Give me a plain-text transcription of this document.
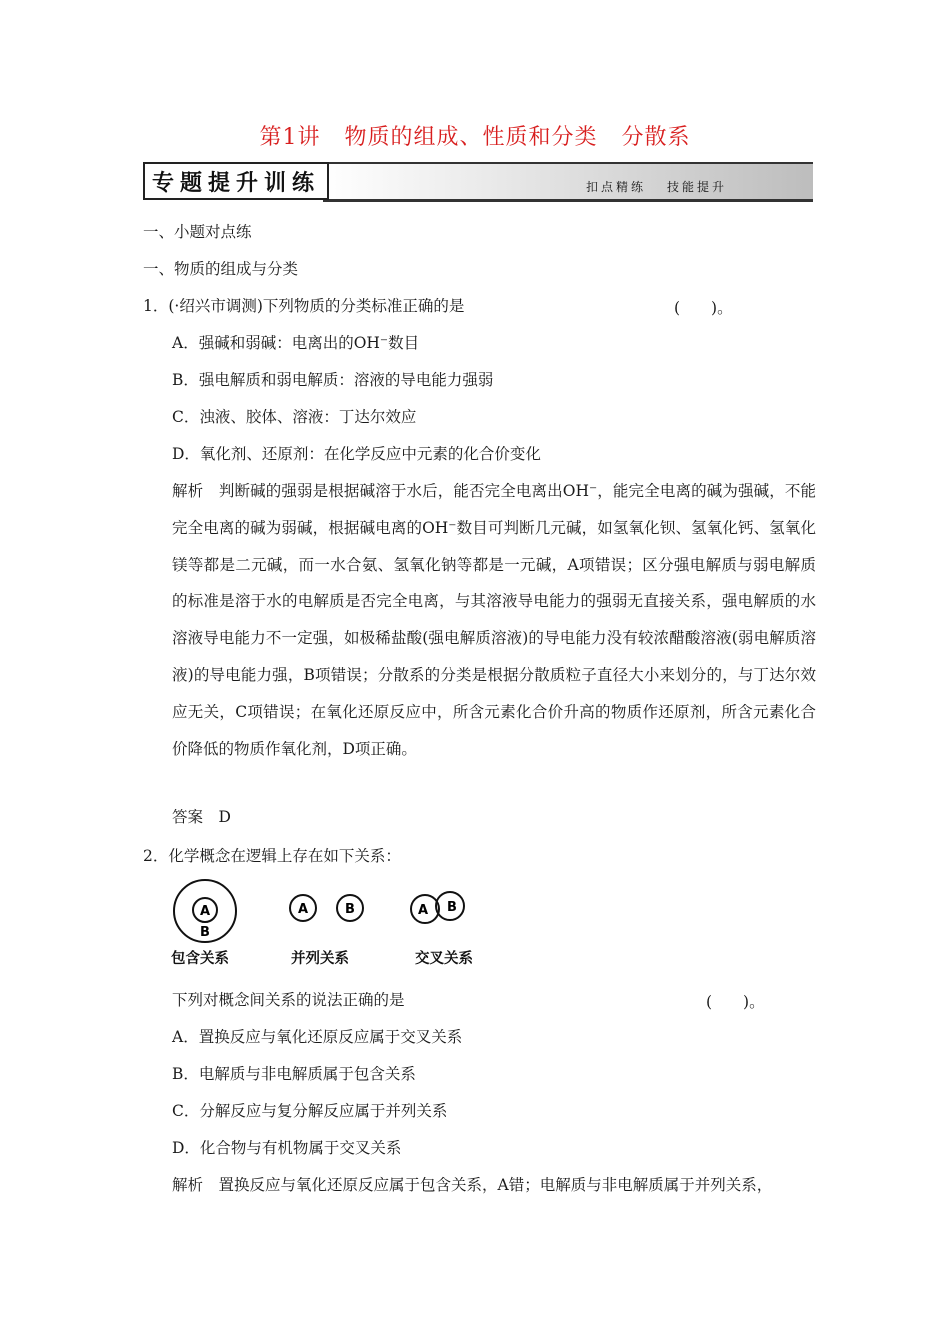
第1讲 物质的组成、性质和分类 分散系
扣点精练 技能提升
专题提升训练
一、小题对点练
一、物质的组成与分类
1．(·绍兴市调测)下列物质的分类标准正确的是	(　　)。
A．强碱和弱碱：电离出的OH⁻数目
B．强电解质和弱电解质：溶液的导电能力强弱
C．浊液、胶体、溶液：丁达尔效应
D．氧化剂、还原剂：在化学反应中元素的化合价变化

解析　判断碱的强弱是根据碱溶于水后，能否完全电离出OH⁻，能完全电离的碱为强碱，不能完全电离的碱为弱碱，根据碱电离的OH⁻数目可判断几元碱，如氢氧化钡、氢氧化钙、氢氧化镁等都是二元碱，而一水合氨、氢氧化钠等都是一元碱，A项错误；区分强电解质与弱电解质的标准是溶于水的电解质是否完全电离，与其溶液导电能力的强弱无直接关系，强电解质的水溶液导电能力不一定强，如极稀盐酸(强电解质溶液)的导电能力没有较浓醋酸溶液(弱电解质溶液)的导电能力强，B项错误；分散系的分类是根据分散质粒子直径大小来划分的，与丁达尔效应无关，C项错误；在氧化还原反应中，所含元素化合价升高的物质作还原剂，所含元素化合价降低的物质作氧化剂，D项正确。

答案　D
2．化学概念在逻辑上存在如下关系：
A
B
A	B	A B
包含关系	并列关系	交叉关系
下列对概念间关系的说法正确的是	(　　)。
A．置换反应与氧化还原反应属于交叉关系
B．电解质与非电解质属于包含关系
C．分解反应与复分解反应属于并列关系
D．化合物与有机物属于交叉关系
解析　置换反应与氧化还原反应属于包含关系，A错；电解质与非电解质属于并列关系，
